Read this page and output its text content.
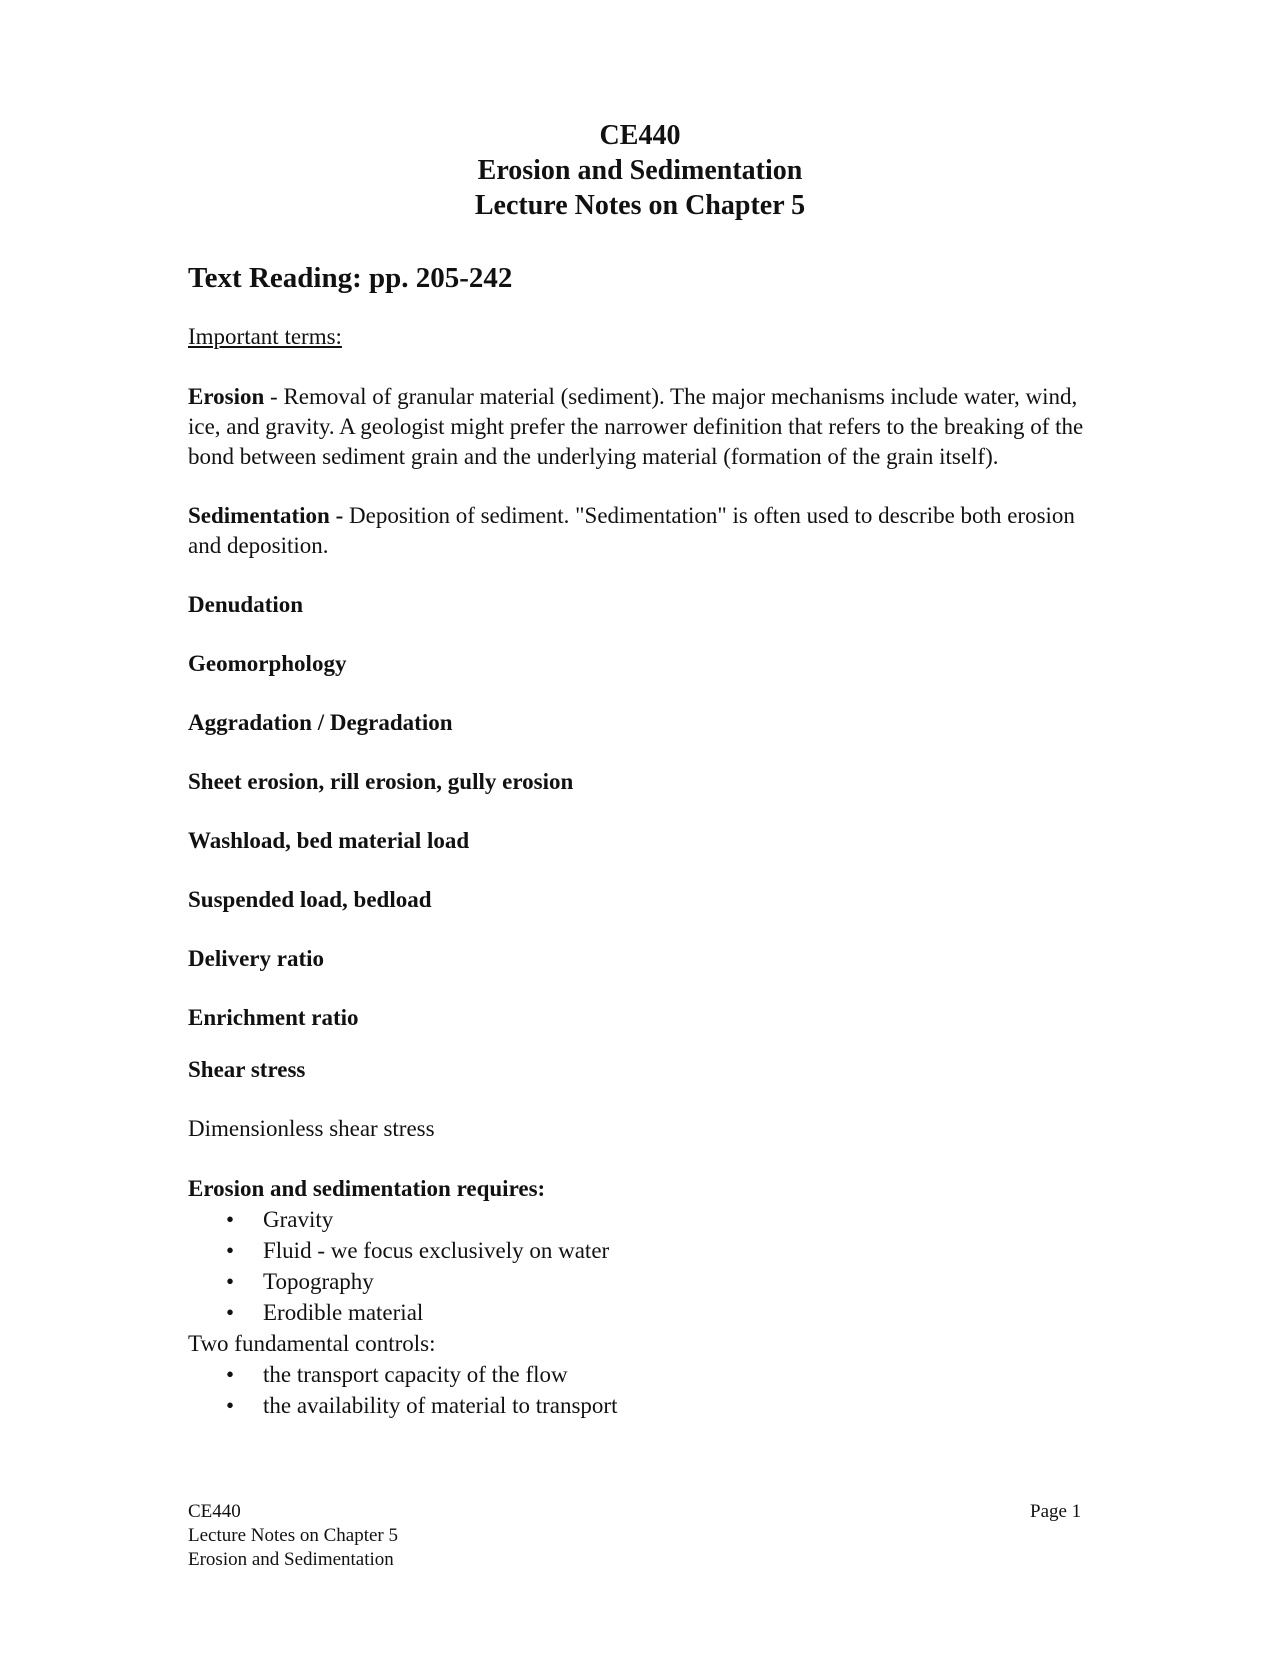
CE440
Erosion and Sedimentation
Lecture Notes on Chapter 5
Text Reading: pp. 205-242
Important terms:
Erosion - Removal of granular material (sediment). The major mechanisms include water, wind, ice, and gravity. A geologist might prefer the narrower definition that refers to the breaking of the bond between sediment grain and the underlying material (formation of the grain itself).
Sedimentation - Deposition of sediment. "Sedimentation" is often used to describe both erosion and deposition.
Denudation
Geomorphology
Aggradation / Degradation
Sheet erosion, rill erosion, gully erosion
Washload, bed material load
Suspended load, bedload
Delivery ratio
Enrichment ratio
Shear stress
Dimensionless shear stress
Erosion and sedimentation requires:
• Gravity
• Fluid - we focus exclusively on water
• Topography
• Erodible material
Two fundamental controls:
• the transport capacity of the flow
• the availability of material to transport
CE440
Lecture Notes on Chapter 5
Erosion and Sedimentation
Page 1
